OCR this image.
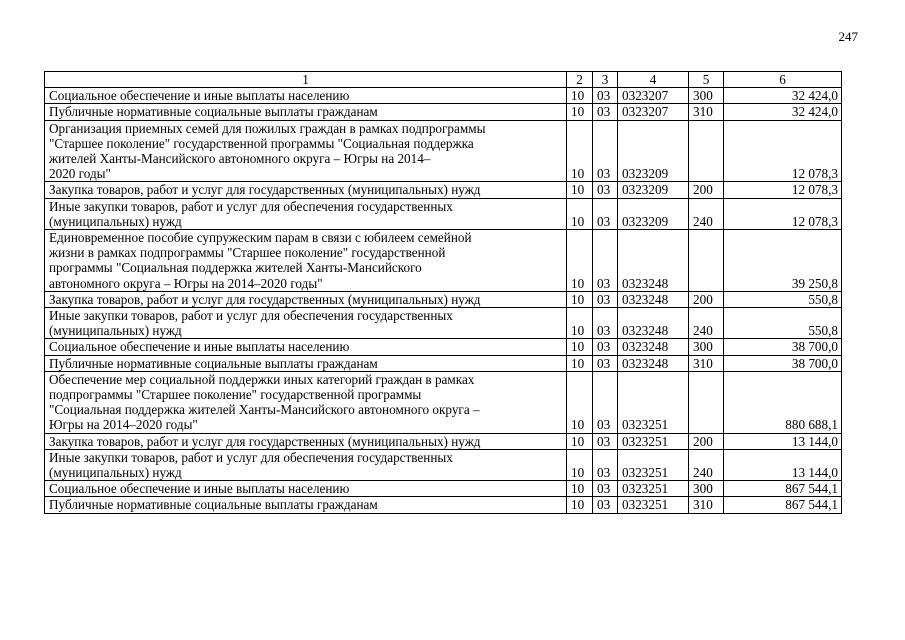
247
1	2	3	4	5	6
Социальное обеспечение и иные выплаты населению	10	03	0323207	300	32 424,0
Публичные нормативные социальные выплаты гражданам	10	03	0323207	310	32 424,0
Организация приемных семей для пожилых граждан в рамках подпрограммы
"Старшее поколение" государственной программы "Социальная поддержка
жителей Ханты-Мансийского автономного округа – Югры на 2014–
2020 годы"	10	03	0323209		12 078,3
Закупка товаров, работ и услуг для государственных (муниципальных) нужд	10	03	0323209	200	12 078,3
Иные закупки товаров, работ и услуг для обеспечения государственных
(муниципальных) нужд	10	03	0323209	240	12 078,3
Единовременное пособие супружеским парам в связи с юбилеем семейной
жизни в рамках подпрограммы "Старшее поколение" государственной
программы "Социальная поддержка жителей Ханты-Мансийского
автономного округа – Югры на 2014–2020 годы"	10	03	0323248		39 250,8
Закупка товаров, работ и услуг для государственных (муниципальных) нужд	10	03	0323248	200	550,8
Иные закупки товаров, работ и услуг для обеспечения государственных
(муниципальных) нужд	10	03	0323248	240	550,8
Социальное обеспечение и иные выплаты населению	10	03	0323248	300	38 700,0
Публичные нормативные социальные выплаты гражданам	10	03	0323248	310	38 700,0
Обеспечение мер социальной поддержки иных категорий граждан в рамках
подпрограммы "Старшее поколение" государственной программы
"Социальная поддержка жителей Ханты-Мансийского автономного округа –
Югры на 2014–2020 годы"	10	03	0323251		880 688,1
Закупка товаров, работ и услуг для государственных (муниципальных) нужд	10	03	0323251	200	13 144,0
Иные закупки товаров, работ и услуг для обеспечения государственных
(муниципальных) нужд	10	03	0323251	240	13 144,0
Социальное обеспечение и иные выплаты населению	10	03	0323251	300	867 544,1
Публичные нормативные социальные выплаты гражданам	10	03	0323251	310	867 544,1
